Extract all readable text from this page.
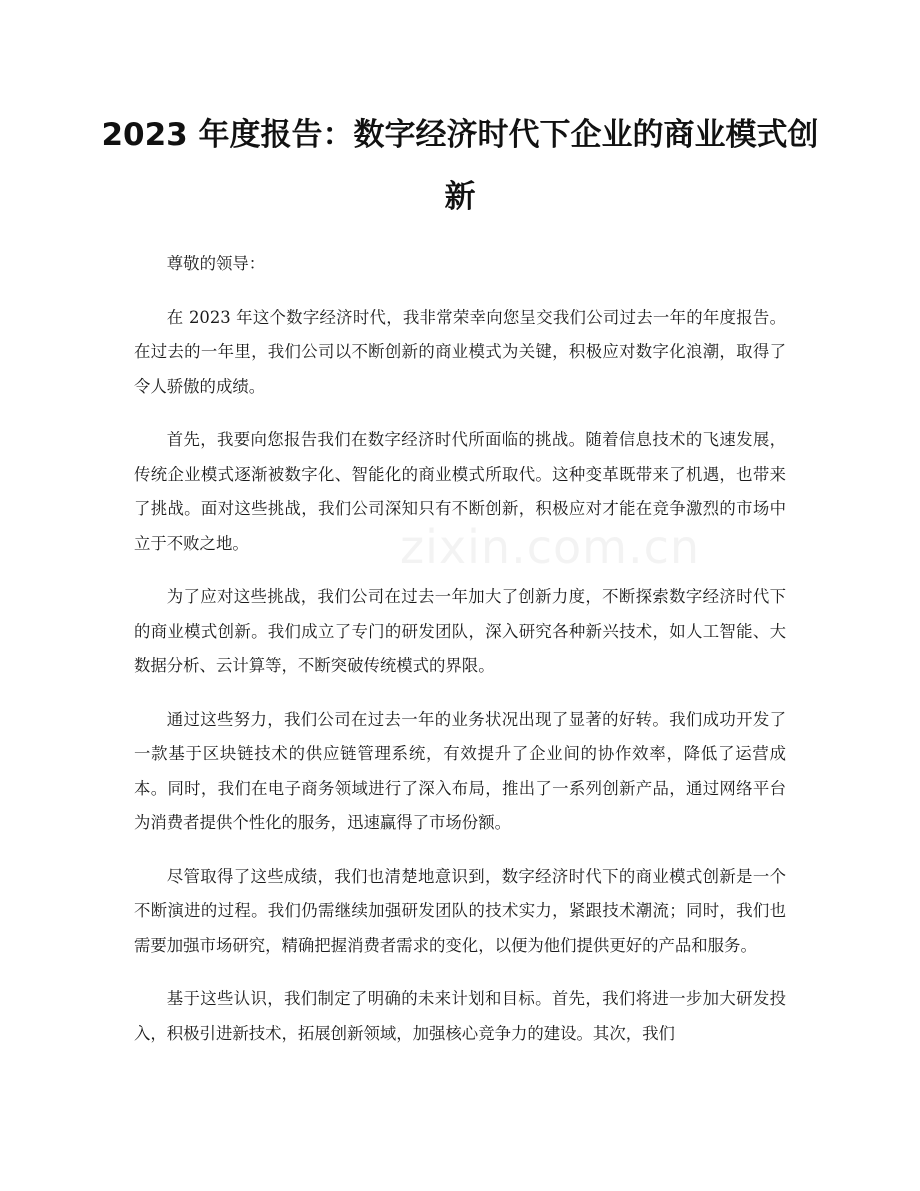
2023 年度报告：数字经济时代下企业的商业模式创新

尊敬的领导：

在 2023 年这个数字经济时代，我非常荣幸向您呈交我们公司过去一年的年度报告。在过去的一年里，我们公司以不断创新的商业模式为关键，积极应对数字化浪潮，取得了令人骄傲的成绩。

首先，我要向您报告我们在数字经济时代所面临的挑战。随着信息技术的飞速发展，传统企业模式逐渐被数字化、智能化的商业模式所取代。这种变革既带来了机遇，也带来了挑战。面对这些挑战，我们公司深知只有不断创新，积极应对才能在竞争激烈的市场中立于不败之地。

为了应对这些挑战，我们公司在过去一年加大了创新力度，不断探索数字经济时代下的商业模式创新。我们成立了专门的研发团队，深入研究各种新兴技术，如人工智能、大数据分析、云计算等，不断突破传统模式的界限。

通过这些努力，我们公司在过去一年的业务状况出现了显著的好转。我们成功开发了一款基于区块链技术的供应链管理系统，有效提升了企业间的协作效率，降低了运营成本。同时，我们在电子商务领域进行了深入布局，推出了一系列创新产品，通过网络平台为消费者提供个性化的服务，迅速赢得了市场份额。

尽管取得了这些成绩，我们也清楚地意识到，数字经济时代下的商业模式创新是一个不断演进的过程。我们仍需继续加强研发团队的技术实力，紧跟技术潮流；同时，我们也需要加强市场研究，精确把握消费者需求的变化，以便为他们提供更好的产品和服务。

基于这些认识，我们制定了明确的未来计划和目标。首先，我们将进一步加大研发投入，积极引进新技术，拓展创新领域，加强核心竞争力的建设。其次，我们

zixin.com.cn
